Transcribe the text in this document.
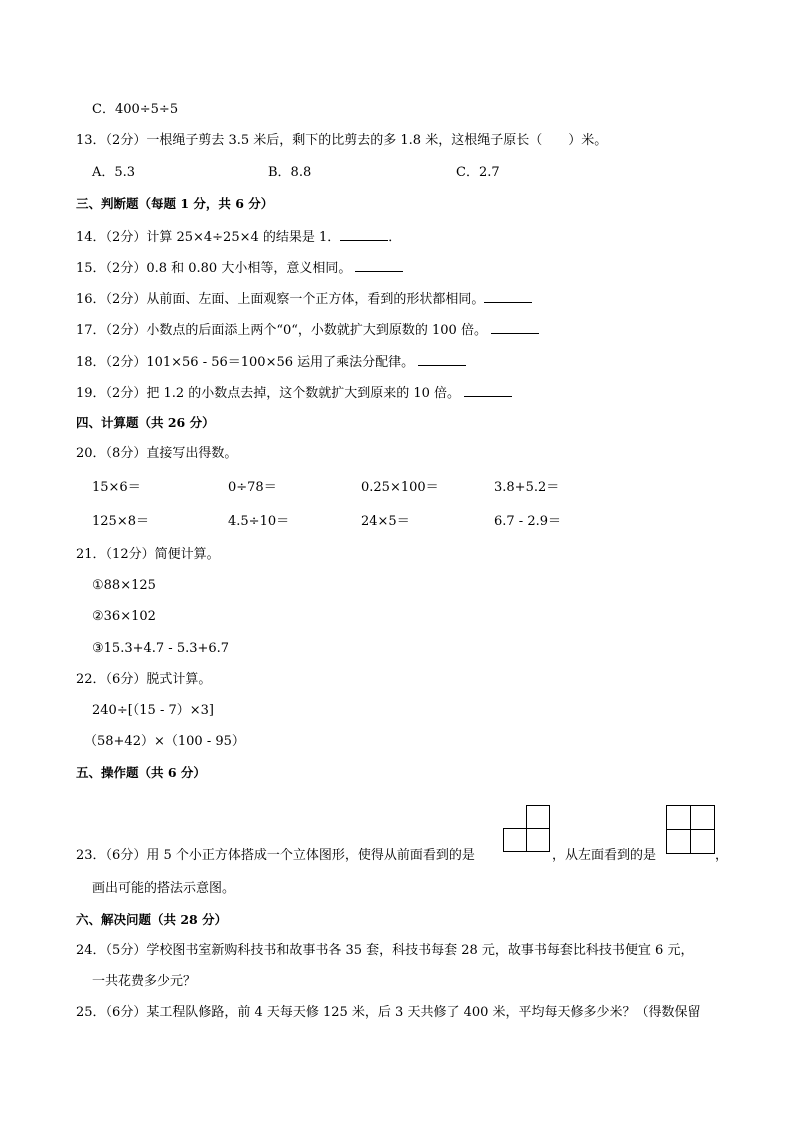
C．400÷5÷5
13．（2分）一根绳子剪去 3.5 米后，剩下的比剪去的多 1.8 米，这根绳子原长（　　）米。
A．5.3	B．8.8	C．2.7
三、判断题（每题 1 分，共 6 分）
14．（2分）计算 25×4÷25×4 的结果是 1．	．
15．（2分）0.8 和 0.80 大小相等，意义相同。
16．（2分）从前面、左面、上面观察一个正方体，看到的形状都相同。
17．（2分）小数点的后面添上两个“0“，小数就扩大到原数的 100 倍。
18．（2分）101×56 - 56＝100×56 运用了乘法分配律。
19．（2分）把 1.2 的小数点去掉，这个数就扩大到原来的 10 倍。
四、计算题（共 26 分）
20．（8分）直接写出得数。
15×6＝	0÷78＝	0.25×100＝	3.8+5.2＝
125×8＝	4.5÷10＝	24×5＝	6.7 - 2.9＝
21．（12分）简便计算。
①88×125
②36×102
③15.3+4.7 - 5.3+6.7
22．（6分）脱式计算。
240÷[（15 - 7）×3]
（58+42）×（100 - 95）
五、操作题（共 6 分）
23．（6分）用 5 个小正方体搭成一个立体图形，使得从前面看到的是	，从左面看到的是	，
画出可能的搭法示意图。
六、解决问题（共 28 分）
24．（5分）学校图书室新购科技书和故事书各 35 套，科技书每套 28 元，故事书每套比科技书便宜 6 元，
一共花费多少元？
25．（6分）某工程队修路，前 4 天每天修 125 米，后 3 天共修了 400 米，平均每天修多少米？（得数保留
